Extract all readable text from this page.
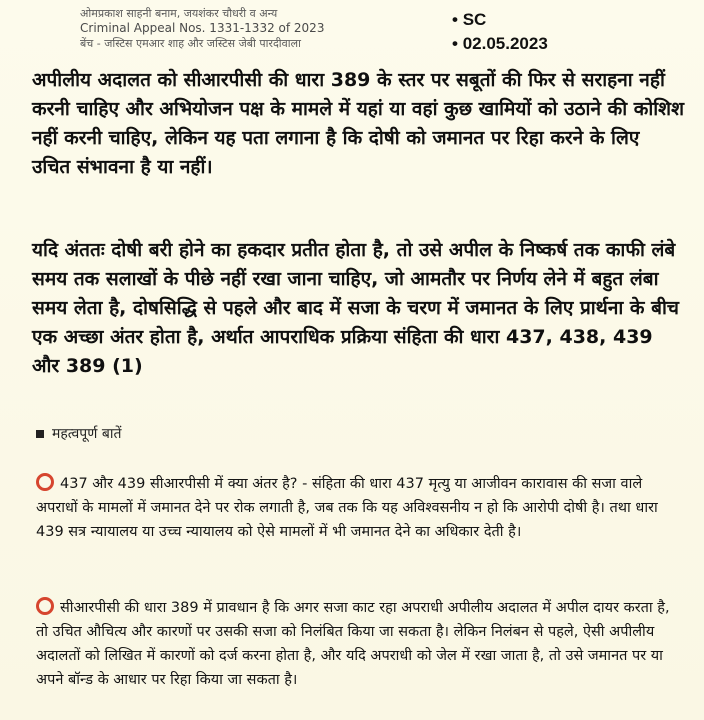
ओमप्रकाश साहनी बनाम, जयशंकर चौधरी व अन्य
Criminal Appeal Nos. 1331-1332 of 2023
बेंच - जस्टिस एमआर शाह और जस्टिस जेबी पारदीवाला
• SC
• 02.05.2023
अपीलीय अदालत को सीआरपीसी की धारा 389 के स्तर पर सबूतों की फिर से सराहना नहीं करनी चाहिए और अभियोजन पक्ष के मामले में यहां या वहां कुछ खामियों को उठाने की कोशिश नहीं करनी चाहिए, लेकिन यह पता लगाना है कि दोषी को जमानत पर रिहा करने के लिए उचित संभावना है या नहीं।
यदि अंततः दोषी बरी होने का हकदार प्रतीत होता है, तो उसे अपील के निष्कर्ष तक काफी लंबे समय तक सलाखों के पीछे नहीं रखा जाना चाहिए, जो आमतौर पर निर्णय लेने में बहुत लंबा समय लेता है, दोषसिद्धि से पहले और बाद में सजा के चरण में जमानत के लिए प्रार्थना के बीच एक अच्छा अंतर होता है, अर्थात आपराधिक प्रक्रिया संहिता की धारा 437, 438, 439 और 389 (1)
महत्वपूर्ण बातें
437 और 439 सीआरपीसी में क्या अंतर है? - संहिता की धारा 437 मृत्यु या आजीवन कारावास की सजा वाले अपराधों के मामलों में जमानत देने पर रोक लगाती है, जब तक कि यह अविश्वसनीय न हो कि आरोपी दोषी है। तथा धारा 439 सत्र न्यायालय या उच्च न्यायालय को ऐसे मामलों में भी जमानत देने का अधिकार देती है।
सीआरपीसी की धारा 389 में प्रावधान है कि अगर सजा काट रहा अपराधी अपीलीय अदालत में अपील दायर करता है, तो उचित औचित्य और कारणों पर उसकी सजा को निलंबित किया जा सकता है। लेकिन निलंबन से पहले, ऐसी अपीलीय अदालतों को लिखित में कारणों को दर्ज करना होता है, और यदि अपराधी को जेल में रखा जाता है, तो उसे जमानत पर या अपने बॉन्ड के आधार पर रिहा किया जा सकता है।
